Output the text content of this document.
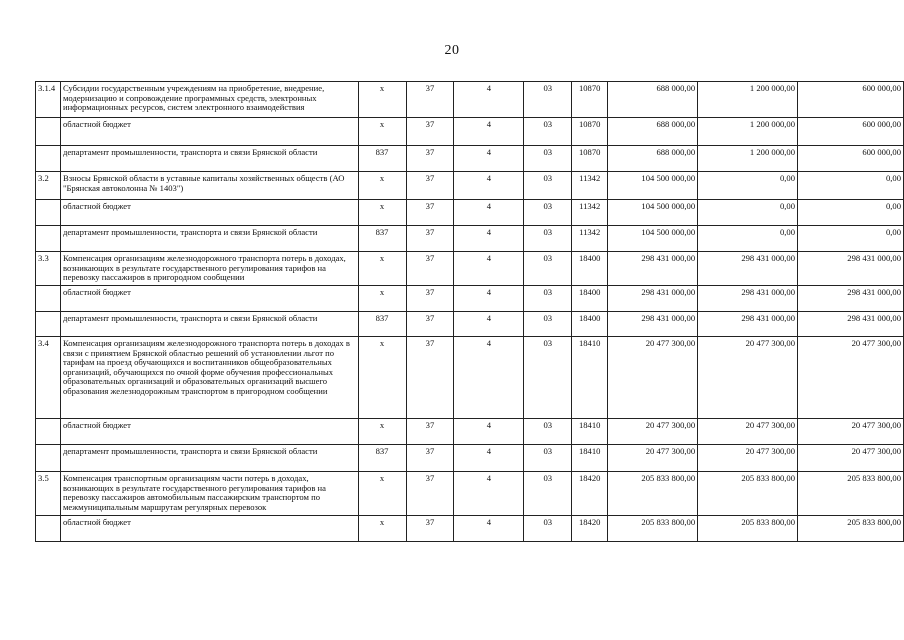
20
3.1.4	Субсидии государственным учреждениям на приобретение, внедрение, модернизацию и сопровождение программных средств, электронных информационных ресурсов, систем электронного взаимодействия	x	37	4	03	10870	688 000,00	1 200 000,00	600 000,00
	областной бюджет	x	37	4	03	10870	688 000,00	1 200 000,00	600 000,00
	департамент промышленности, транспорта и связи Брянской области	837	37	4	03	10870	688 000,00	1 200 000,00	600 000,00
3.2	Взносы Брянской области в уставные капиталы хозяйственных обществ (АО "Брянская автоколонна № 1403")	x	37	4	03	11342	104 500 000,00	0,00	0,00
	областной бюджет	x	37	4	03	11342	104 500 000,00	0,00	0,00
	департамент промышленности, транспорта и связи Брянской области	837	37	4	03	11342	104 500 000,00	0,00	0,00
3.3	Компенсация организациям железнодорожного транспорта потерь в доходах, возникающих в результате государственного регулирования тарифов на перевозку пассажиров в пригородном сообщении	x	37	4	03	18400	298 431 000,00	298 431 000,00	298 431 000,00
	областной бюджет	x	37	4	03	18400	298 431 000,00	298 431 000,00	298 431 000,00
	департамент промышленности, транспорта и связи Брянской области	837	37	4	03	18400	298 431 000,00	298 431 000,00	298 431 000,00
3.4	Компенсация организациям железнодорожного транспорта потерь в доходах в связи с принятием Брянской областью решений об установлении льгот по тарифам на проезд обучающихся и воспитанников общеобразовательных организаций, обучающихся по очной форме обучения профессиональных образовательных организаций и образовательных организаций высшего образования железнодорожным транспортом в пригородном сообщении	x	37	4	03	18410	20 477 300,00	20 477 300,00	20 477 300,00
	областной бюджет	x	37	4	03	18410	20 477 300,00	20 477 300,00	20 477 300,00
	департамент промышленности, транспорта и связи Брянской области	837	37	4	03	18410	20 477 300,00	20 477 300,00	20 477 300,00
3.5	Компенсация транспортным организациям части потерь в доходах, возникающих в результате государственного регулирования тарифов на перевозку пассажиров автомобильным пассажирским транспортом по межмуниципальным маршрутам регулярных перевозок	x	37	4	03	18420	205 833 800,00	205 833 800,00	205 833 800,00
	областной бюджет	x	37	4	03	18420	205 833 800,00	205 833 800,00	205 833 800,00
